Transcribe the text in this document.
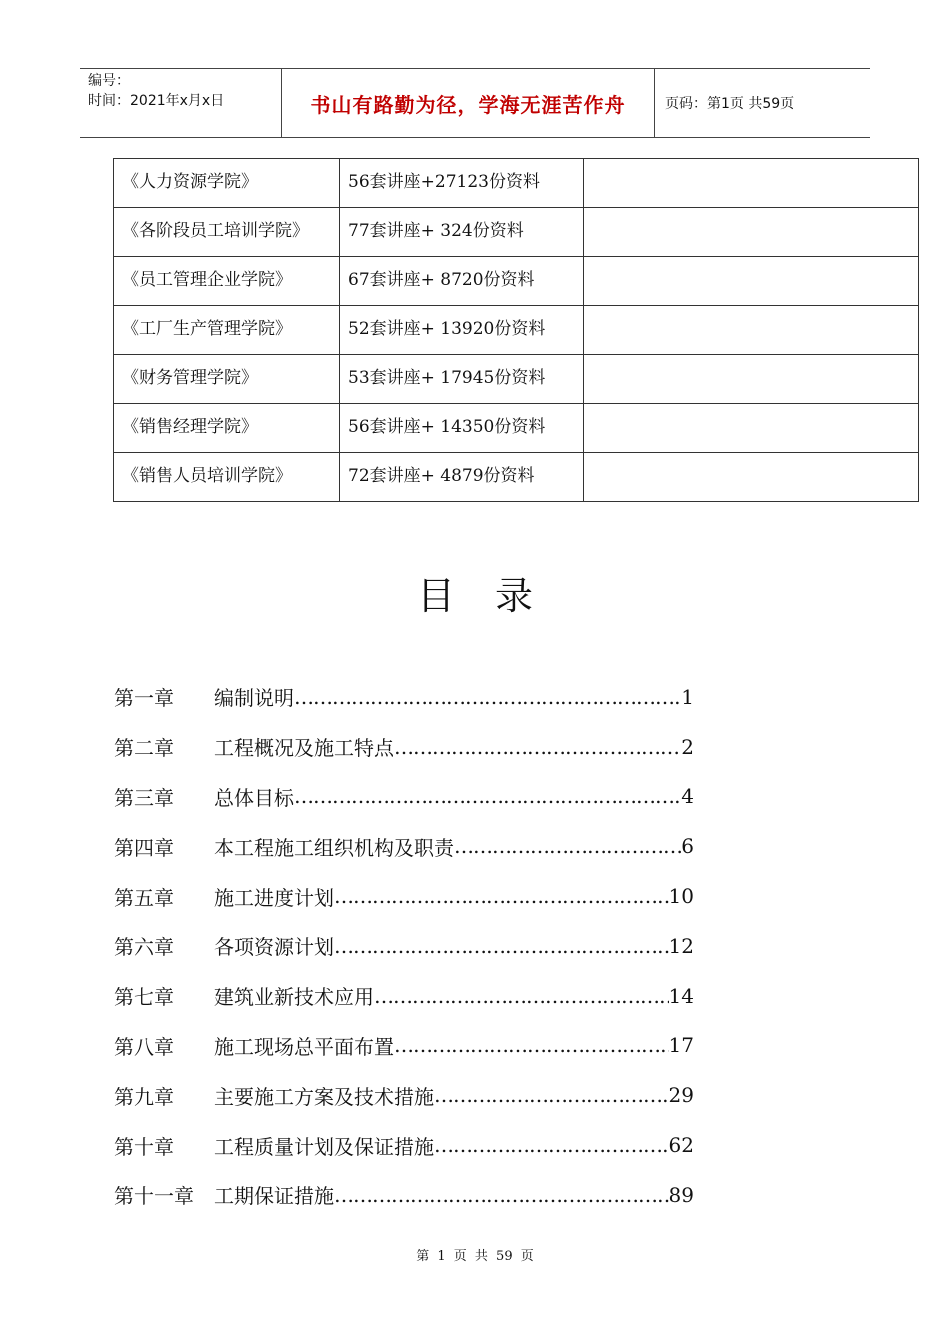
编号：
时间：2021年x月x日	书山有路勤为径，学海无涯苦作舟	页码：第1页 共59页
《人力资源学院》	56套讲座+27123份资料	
《各阶段员工培训学院》	77套讲座+ 324份资料	
《员工管理企业学院》	67套讲座+ 8720份资料	
《工厂生产管理学院》	52套讲座+ 13920份资料	
《财务管理学院》	53套讲座+ 17945份资料	
《销售经理学院》	56套讲座+ 14350份资料	
《销售人员培训学院》	72套讲座+ 4879份资料	
目录
第一章	编制说明 ……………………………………………………………………………………………………………	1
第二章	工程概况及施工特点 ……………………………………………………………………………………………………………	2
第三章	总体目标 ……………………………………………………………………………………………………………	4
第四章	本工程施工组织机构及职责 ……………………………………………………………………………………………………………	6
第五章	施工进度计划 ……………………………………………………………………………………………………………	10
第六章	各项资源计划 ……………………………………………………………………………………………………………	12
第七章	建筑业新技术应用 ……………………………………………………………………………………………………………	14
第八章	施工现场总平面布置 ……………………………………………………………………………………………………………	17
第九章	主要施工方案及技术措施 ……………………………………………………………………………………………………………	29
第十章	工程质量计划及保证措施 ……………………………………………………………………………………………………………	62
第十一章	工期保证措施 ……………………………………………………………………………………………………………	89
第 1 页 共 59 页
